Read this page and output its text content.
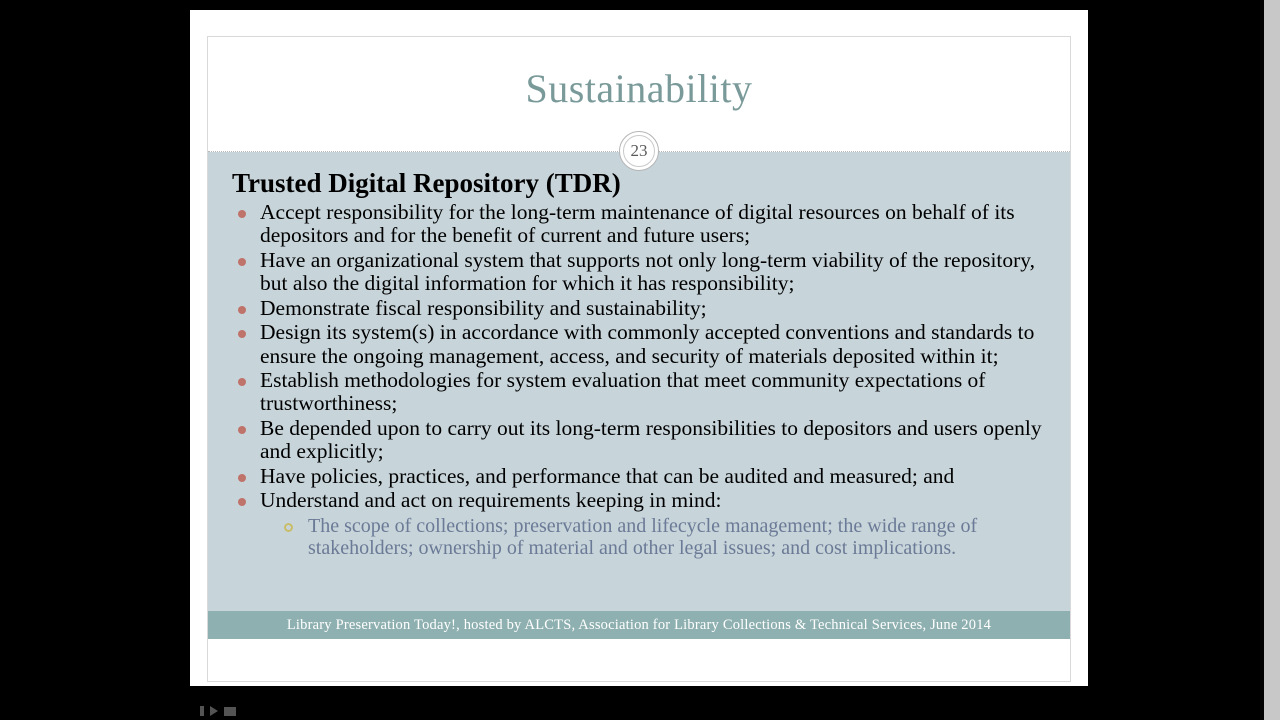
Sustainability
23
Trusted Digital Repository (TDR)
Accept responsibility for the long-term maintenance of digital resources on behalf of its depositors and for the benefit of current and future users;
Have an organizational system that supports not only long-term viability of the repository, but also the digital information for which it has responsibility;
Demonstrate fiscal responsibility and sustainability;
Design its system(s) in accordance with commonly accepted conventions and standards to ensure the ongoing management, access, and security of materials deposited within it;
Establish methodologies for system evaluation that meet community expectations of trustworthiness;
Be depended upon to carry out its long-term responsibilities to depositors and users openly and explicitly;
Have policies, practices, and performance that can be audited and measured; and
Understand and act on requirements keeping in mind:
The scope of collections; preservation and lifecycle management; the wide range of stakeholders; ownership of material and other legal issues; and cost implications.
Library Preservation Today!, hosted by ALCTS, Association for Library Collections & Technical Services, June 2014
